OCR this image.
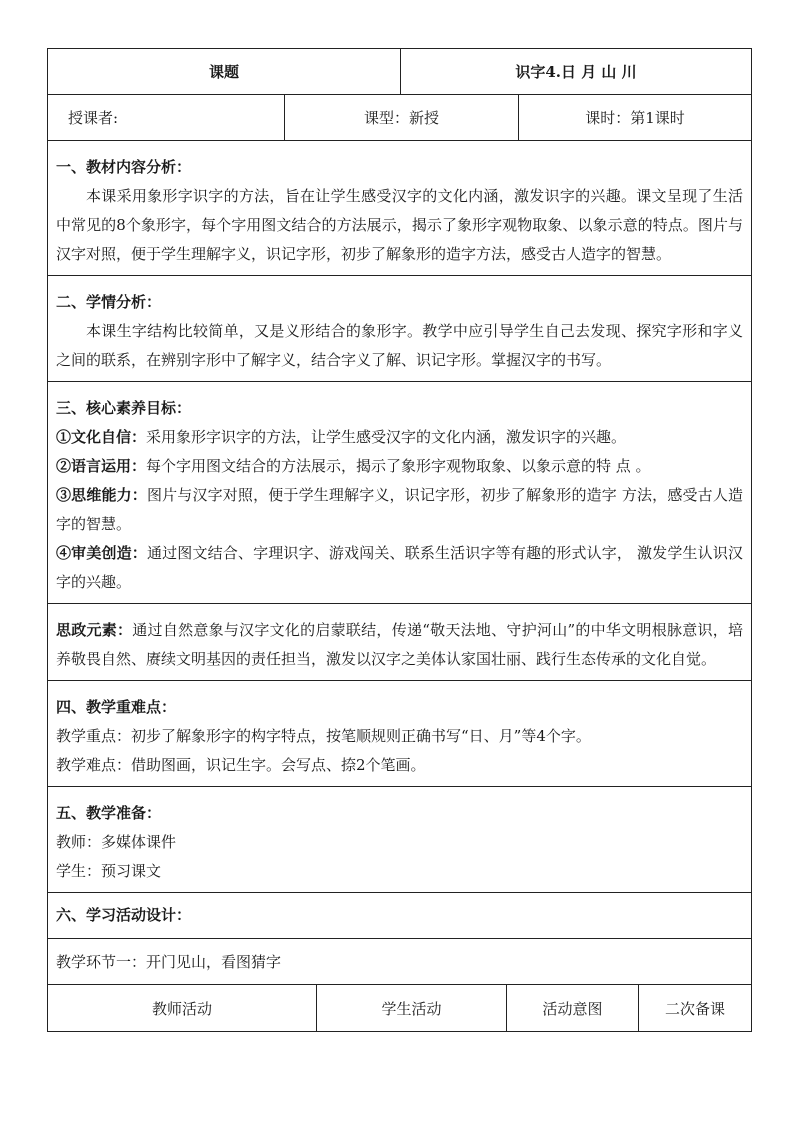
课题	识字4.日 月 山 川
授课者:	课型：新授	课时：第1课时

一、教材内容分析：

本课采用象形字识字的方法，旨在让学生感受汉字的文化内涵，激发识字的兴趣。课文呈现了生活中常见的8个象形字，每个字用图文结合的方法展示，揭示了象形字观物取象、以象示意的特点。图片与汉字对照，便于学生理解字义，识记字形，初步了解象形的造字方法，感受古人造字的智慧。

二、学情分析：

本课生字结构比较简单，又是义形结合的象形字。教学中应引导学生自己去发现、探究字形和字义之间的联系，在辨别字形中了解字义，结合字义了解、识记字形。掌握汉字的书写。

三、核心素养目标：

①文化自信：采用象形字识字的方法，让学生感受汉字的文化内涵，激发识字的兴趣。

②语言运用：每个字用图文结合的方法展示，揭示了象形字观物取象、以象示意的特 点 。

③思维能力：图片与汉字对照，便于学生理解字义，识记字形，初步了解象形的造字 方法，感受古人造字的智慧。

④审美创造：通过图文结合、字理识字、游戏闯关、联系生活识字等有趣的形式认字， 激发学生认识汉字的兴趣。

思政元素：通过自然意象与汉字文化的启蒙联结，传递“敬天法地、守护河山”的中华文明根脉意识，培养敬畏自然、赓续文明基因的责任担当，激发以汉字之美体认家国壮丽、践行生态传承的文化自觉。

四、教学重难点：

教学重点：初步了解象形字的构字特点，按笔顺规则正确书写“日、月”等4个字。

教学难点：借助图画，识记生字。会写点、捺2个笔画。

五、教学准备：

教师：多媒体课件

学生：预习课文

六、学习活动设计：
教学环节一：开门见山，看图猜字
教师活动	学生活动	活动意图	二次备课
